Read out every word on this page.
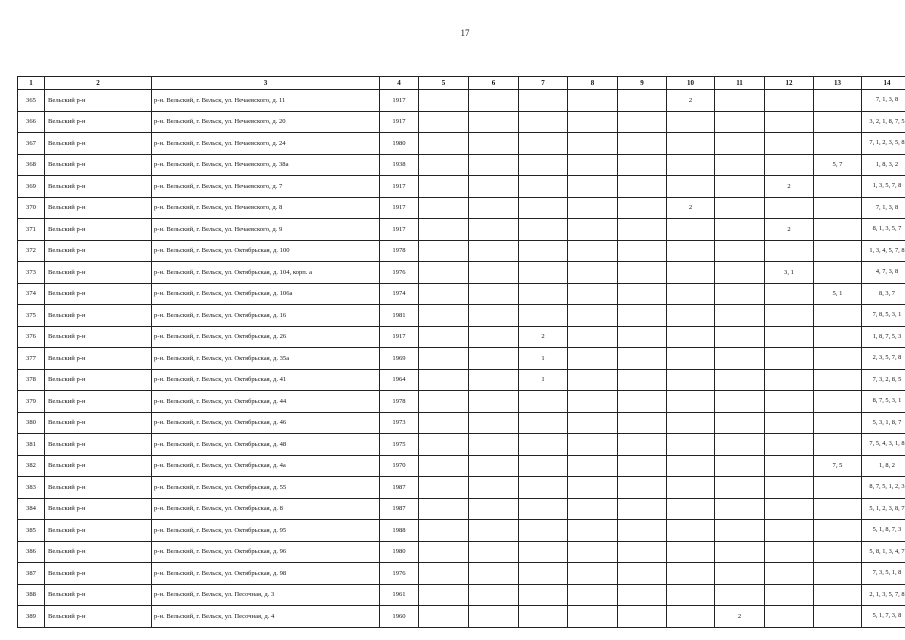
17
1	2	3	4	5	6	7	8	9	10	11	12	13	14
365	Вельский р-н	р-н. Вельский, г. Вельск, ул. Нечаевского, д. 11	1917						2				7, 1, 3, 8
366	Вельский р-н	р-н. Вельский, г. Вельск, ул. Нечаевского, д. 20	1917										3, 2, 1, 8, 7, 5
367	Вельский р-н	р-н. Вельский, г. Вельск, ул. Нечаевского, д. 24	1980										7, 1, 2, 3, 5, 8
368	Вельский р-н	р-н. Вельский, г. Вельск, ул. Нечаевского, д. 38а	1938									5, 7	1, 8, 3, 2
369	Вельский р-н	р-н. Вельский, г. Вельск, ул. Нечаевского, д. 7	1917								2		1, 3, 5, 7, 8
370	Вельский р-н	р-н. Вельский, г. Вельск, ул. Нечаевского, д. 8	1917						2				7, 1, 3, 8
371	Вельский р-н	р-н. Вельский, г. Вельск, ул. Нечаевского, д. 9	1917								2		8, 1, 3, 5, 7
372	Вельский р-н	р-н. Вельский, г. Вельск, ул. Октябрьская, д. 100	1978										1, 3, 4, 5, 7, 8
373	Вельский р-н	р-н. Вельский, г. Вельск, ул. Октябрьская, д. 104, корп. а	1976								3, 1		4, 7, 3, 8
374	Вельский р-н	р-н. Вельский, г. Вельск, ул. Октябрьская, д. 106а	1974									5, 1	8, 3, 7
375	Вельский р-н	р-н. Вельский, г. Вельск, ул. Октябрьская, д. 16	1981										7, 8, 5, 3, 1
376	Вельский р-н	р-н. Вельский, г. Вельск, ул. Октябрьская, д. 26	1917			2							1, 8, 7, 5, 3
377	Вельский р-н	р-н. Вельский, г. Вельск, ул. Октябрьская, д. 35а	1969			1							2, 3, 5, 7, 8
378	Вельский р-н	р-н. Вельский, г. Вельск, ул. Октябрьская, д. 41	1964			1							7, 3, 2, 8, 5
379	Вельский р-н	р-н. Вельский, г. Вельск, ул. Октябрьская, д. 44	1978										8, 7, 5, 3, 1
380	Вельский р-н	р-н. Вельский, г. Вельск, ул. Октябрьская, д. 46	1973										5, 3, 1, 8, 7
381	Вельский р-н	р-н. Вельский, г. Вельск, ул. Октябрьская, д. 48	1975										7, 5, 4, 3, 1, 8
382	Вельский р-н	р-н. Вельский, г. Вельск, ул. Октябрьская, д. 4а	1970									7, 5	1, 8, 2
383	Вельский р-н	р-н. Вельский, г. Вельск, ул. Октябрьская, д. 55	1987										8, 7, 5, 1, 2, 3
384	Вельский р-н	р-н. Вельский, г. Вельск, ул. Октябрьская, д. 8	1987										5, 1, 2, 3, 8, 7
385	Вельский р-н	р-н. Вельский, г. Вельск, ул. Октябрьская, д. 95	1988										5, 1, 8, 7, 3
386	Вельский р-н	р-н. Вельский, г. Вельск, ул. Октябрьская, д. 96	1980										5, 8, 1, 3, 4, 7
387	Вельский р-н	р-н. Вельский, г. Вельск, ул. Октябрьская, д. 98	1976										7, 3, 5, 1, 8
388	Вельский р-н	р-н. Вельский, г. Вельск, ул. Песочная, д. 3	1961										2, 1, 3, 5, 7, 8
389	Вельский р-н	р-н. Вельский, г. Вельск, ул. Песочная, д. 4	1960							2			5, 1, 7, 3, 8
